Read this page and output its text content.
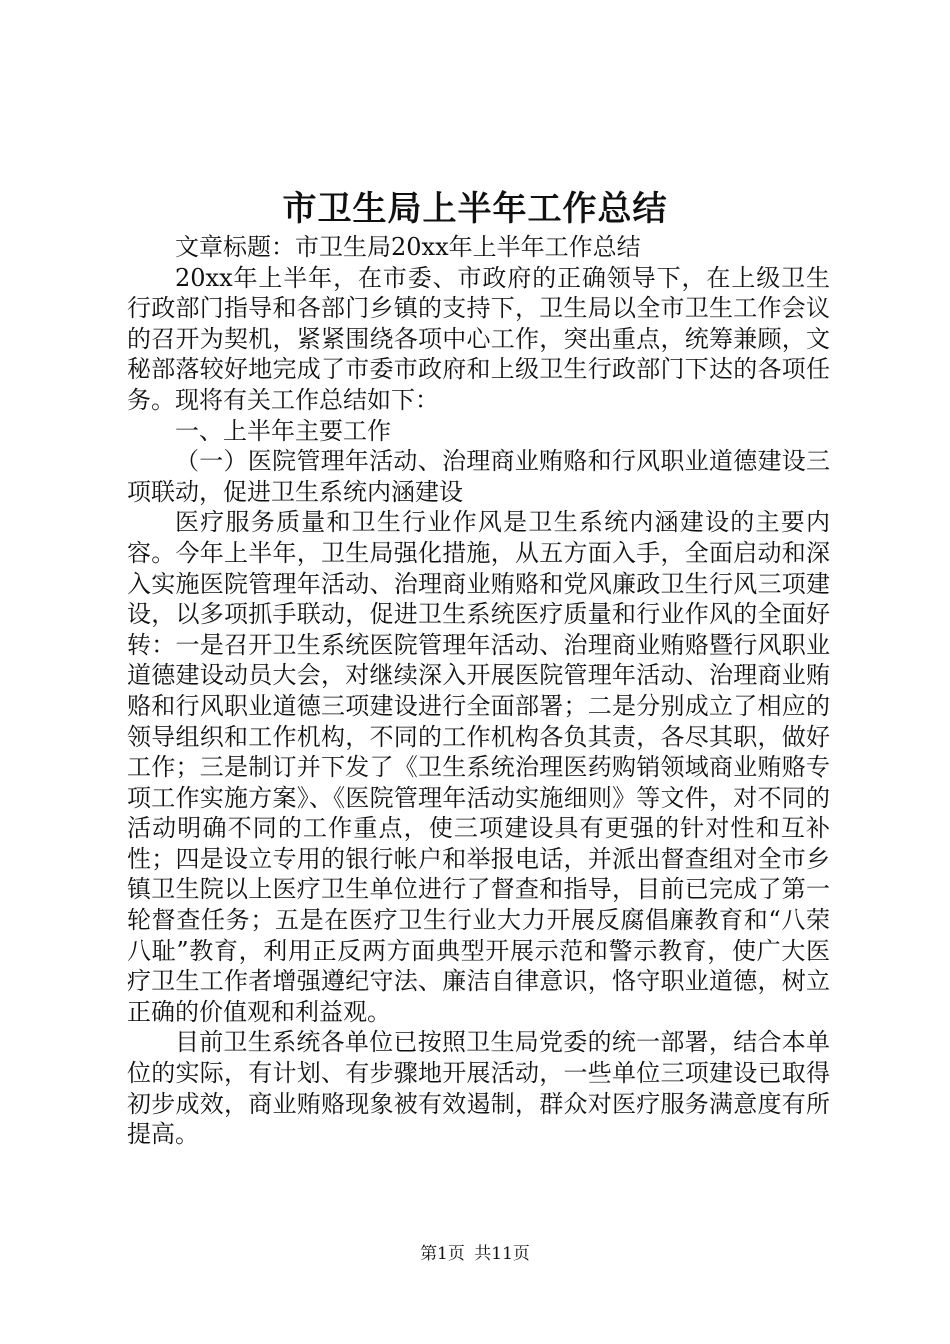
市卫生局上半年工作总结

文章标题：市卫生局20xx年上半年工作总结

20xx年上半年，在市委、市政府的正确领导下，在上级卫生行政部门指导和各部门乡镇的支持下，卫生局以全市卫生工作会议的召开为契机，紧紧围绕各项中心工作，突出重点，统筹兼顾，文秘部落较好地完成了市委市政府和上级卫生行政部门下达的各项任务。现将有关工作总结如下：

一、上半年主要工作

（一）医院管理年活动、治理商业贿赂和行风职业道德建设三项联动，促进卫生系统内涵建设

医疗服务质量和卫生行业作风是卫生系统内涵建设的主要内容。今年上半年，卫生局强化措施，从五方面入手，全面启动和深入实施医院管理年活动、治理商业贿赂和党风廉政卫生行风三项建设，以多项抓手联动，促进卫生系统医疗质量和行业作风的全面好转：一是召开卫生系统医院管理年活动、治理商业贿赂暨行风职业道德建设动员大会，对继续深入开展医院管理年活动、治理商业贿赂和行风职业道德三项建设进行全面部署；二是分别成立了相应的领导组织和工作机构，不同的工作机构各负其责，各尽其职，做好工作；三是制订并下发了《卫生系统治理医药购销领域商业贿赂专项工作实施方案》、《医院管理年活动实施细则》等文件，对不同的活动明确不同的工作重点，使三项建设具有更强的针对性和互补性；四是设立专用的银行帐户和举报电话，并派出督查组对全市乡镇卫生院以上医疗卫生单位进行了督查和指导，目前已完成了第一轮督查任务；五是在医疗卫生行业大力开展反腐倡廉教育和“八荣八耻”教育，利用正反两方面典型开展示范和警示教育，使广大医疗卫生工作者增强遵纪守法、廉洁自律意识，恪守职业道德，树立正确的价值观和利益观。

目前卫生系统各单位已按照卫生局党委的统一部署，结合本单位的实际，有计划、有步骤地开展活动，一些单位三项建设已取得初步成效，商业贿赂现象被有效遏制，群众对医疗服务满意度有所提高。

第1页 共11页
